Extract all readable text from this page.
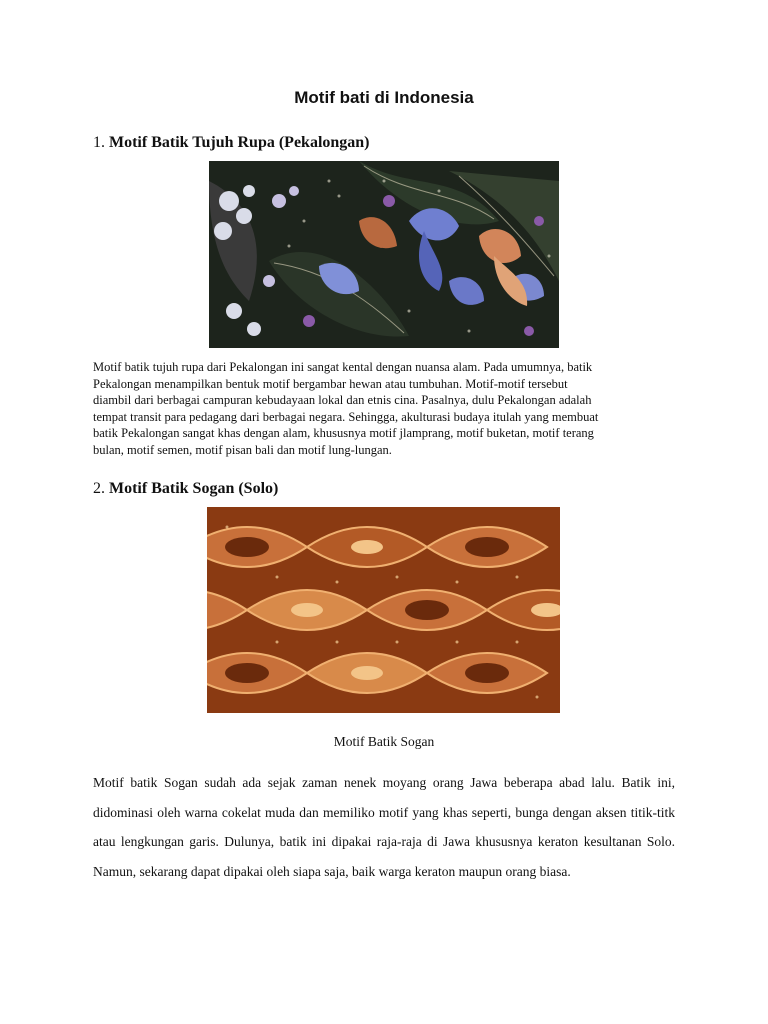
Motif bati di Indonesia
1. Motif Batik Tujuh Rupa (Pekalongan)
Motif batik tujuh rupa dari Pekalongan ini sangat kental dengan nuansa alam. Pada umumnya, batik
Pekalongan menampilkan bentuk motif bergambar hewan atau tumbuhan. Motif-motif tersebut
diambil dari berbagai campuran kebudayaan lokal dan etnis cina. Pasalnya, dulu Pekalongan adalah
tempat transit para pedagang dari berbagai negara. Sehingga, akulturasi budaya itulah yang membuat
batik Pekalongan sangat khas dengan alam, khususnya motif jlamprang, motif buketan, motif terang
bulan, motif semen, motif pisan bali dan motif lung-lungan.
2. Motif Batik Sogan (Solo)
Motif Batik Sogan
Motif batik Sogan sudah ada sejak zaman nenek moyang orang Jawa beberapa abad lalu. Batik ini, didominasi oleh warna cokelat muda dan memiliko motif yang khas seperti, bunga dengan aksen titik-titk atau lengkungan garis. Dulunya, batik ini dipakai raja-raja di Jawa khususnya keraton kesultanan Solo. Namun, sekarang dapat dipakai oleh siapa saja, baik warga keraton maupun orang biasa.
